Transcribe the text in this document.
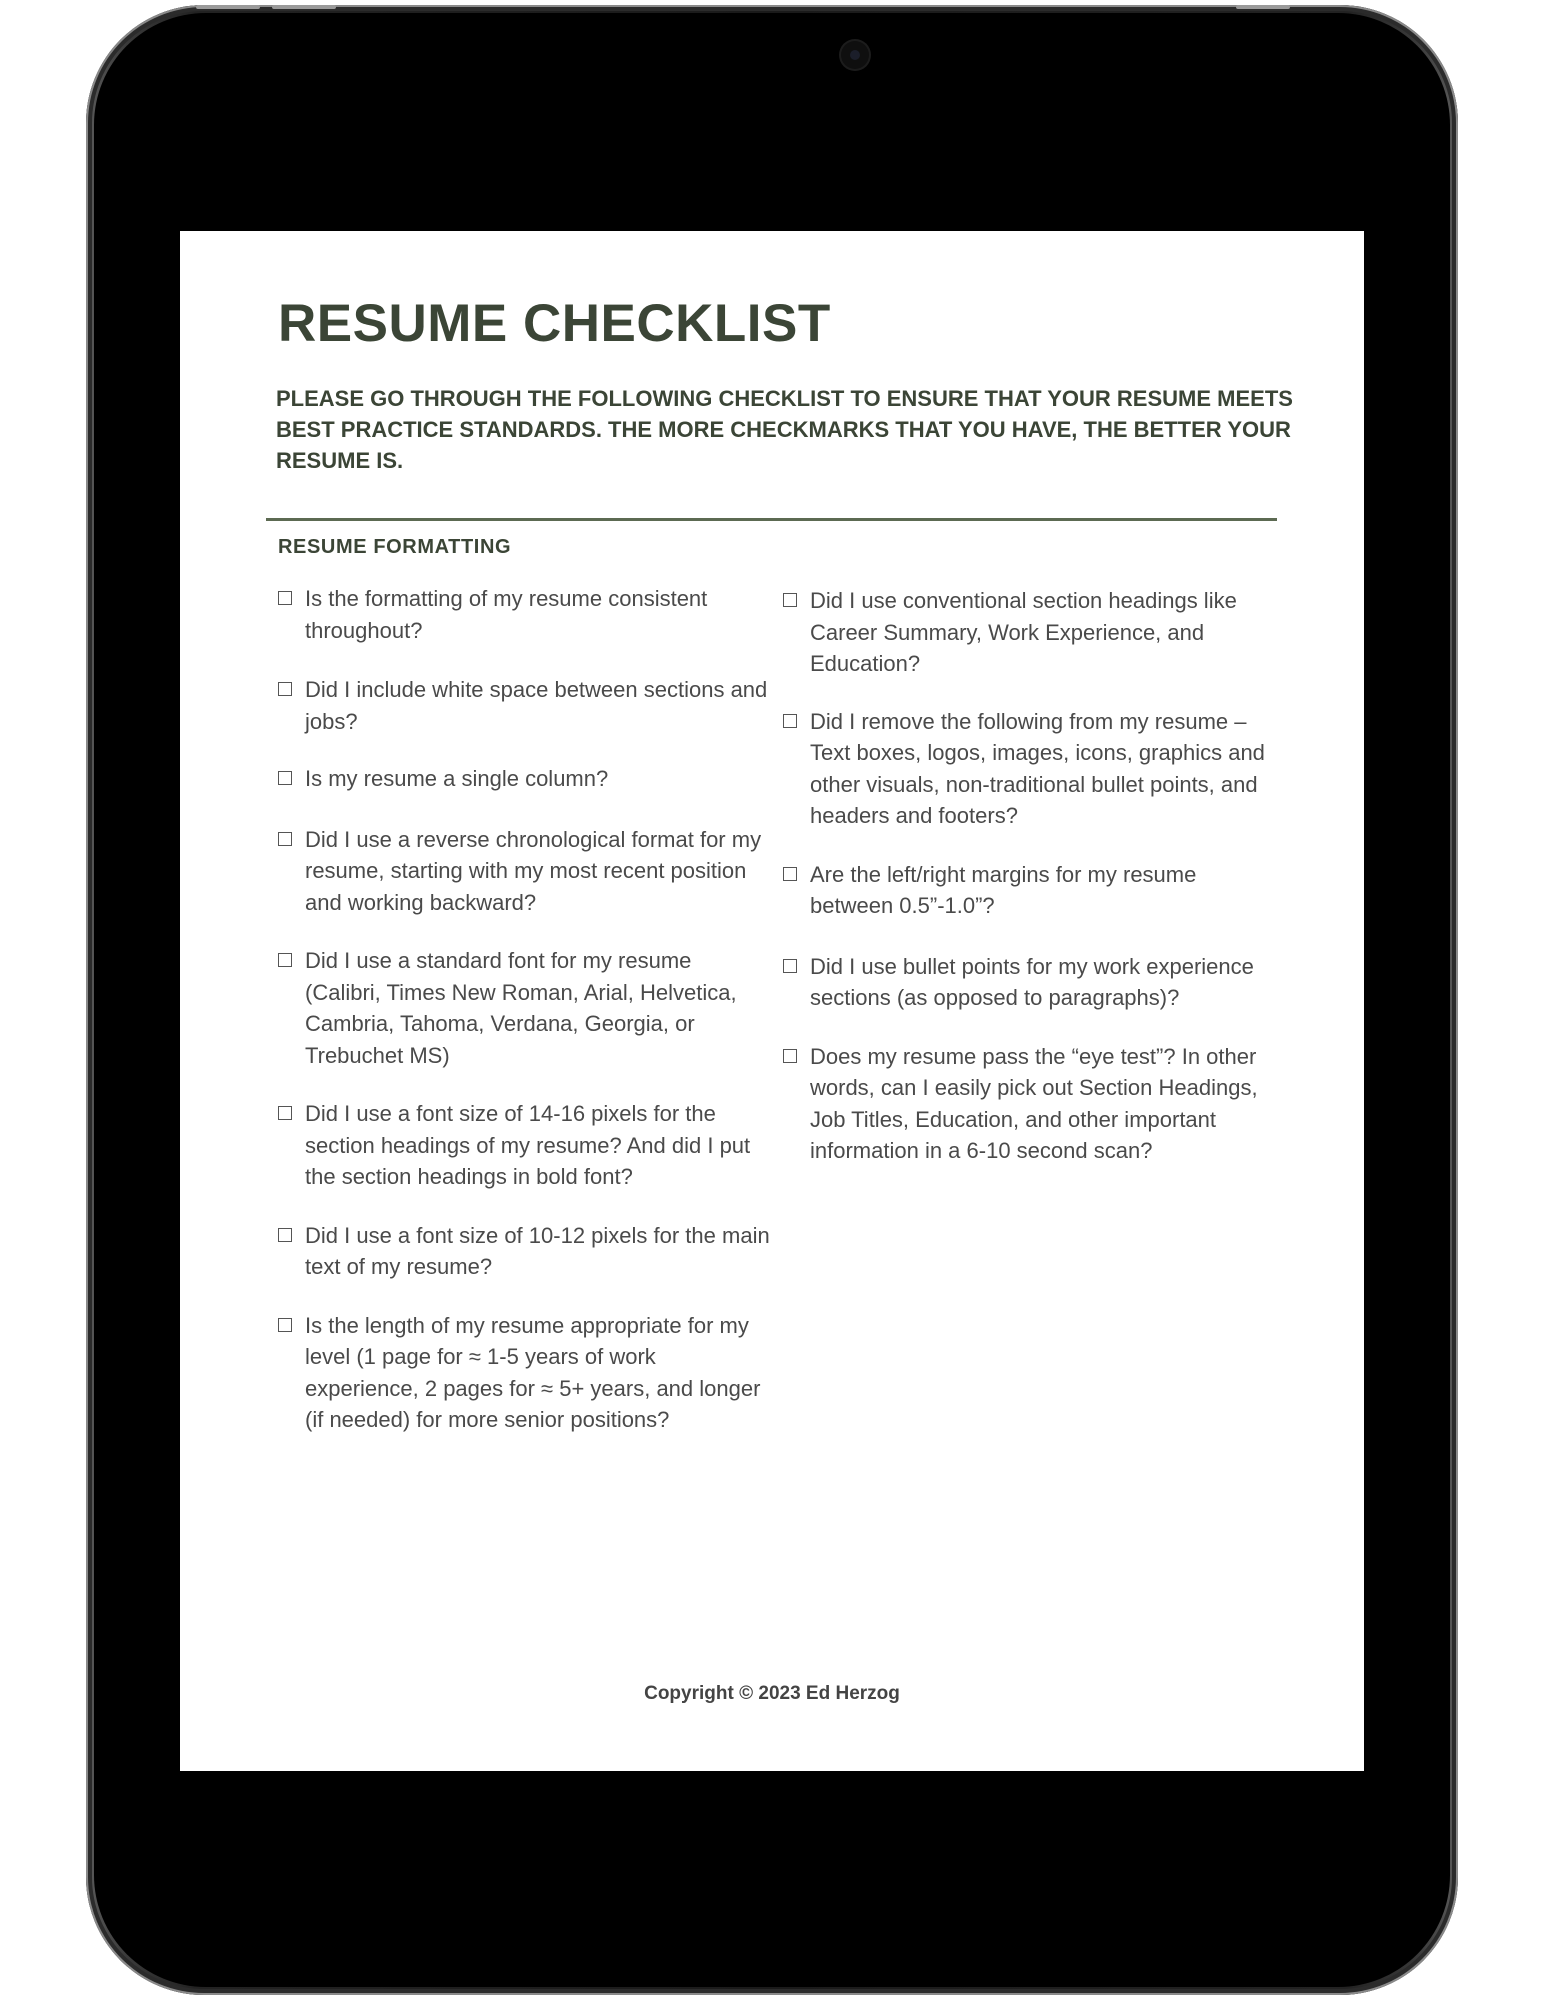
RESUME CHECKLIST

PLEASE GO THROUGH THE FOLLOWING CHECKLIST TO ENSURE THAT YOUR RESUME MEETS BEST PRACTICE STANDARDS. THE MORE CHECKMARKS THAT YOU HAVE, THE BETTER YOUR RESUME IS.

RESUME FORMATTING
Is the formatting of my resume consistent throughout?
Did I include white space between sections and jobs?
Is my resume a single column?
Did I use a reverse chronological format for my resume, starting with my most recent position and working backward?
Did I use a standard font for my resume (Calibri, Times New Roman, Arial, Helvetica, Cambria, Tahoma, Verdana, Georgia, or Trebuchet MS)
Did I use a font size of 14-16 pixels for the section headings of my resume? And did I put the section headings in bold font?
Did I use a font size of 10-12 pixels for the main text of my resume?
Is the length of my resume appropriate for my level (1 page for ≈ 1-5 years of work experience, 2 pages for ≈ 5+ years, and longer (if needed) for more senior positions?
Did I use conventional section headings like Career Summary, Work Experience, and Education?
Did I remove the following from my resume – Text boxes, logos, images, icons, graphics and other visuals, non-traditional bullet points, and headers and footers?
Are the left/right margins for my resume between 0.5”-1.0”?
Did I use bullet points for my work experience sections (as opposed to paragraphs)?
Does my resume pass the “eye test”? In other words, can I easily pick out Section Headings, Job Titles, Education, and other important information in a 6-10 second scan?

Copyright © 2023 Ed Herzog
